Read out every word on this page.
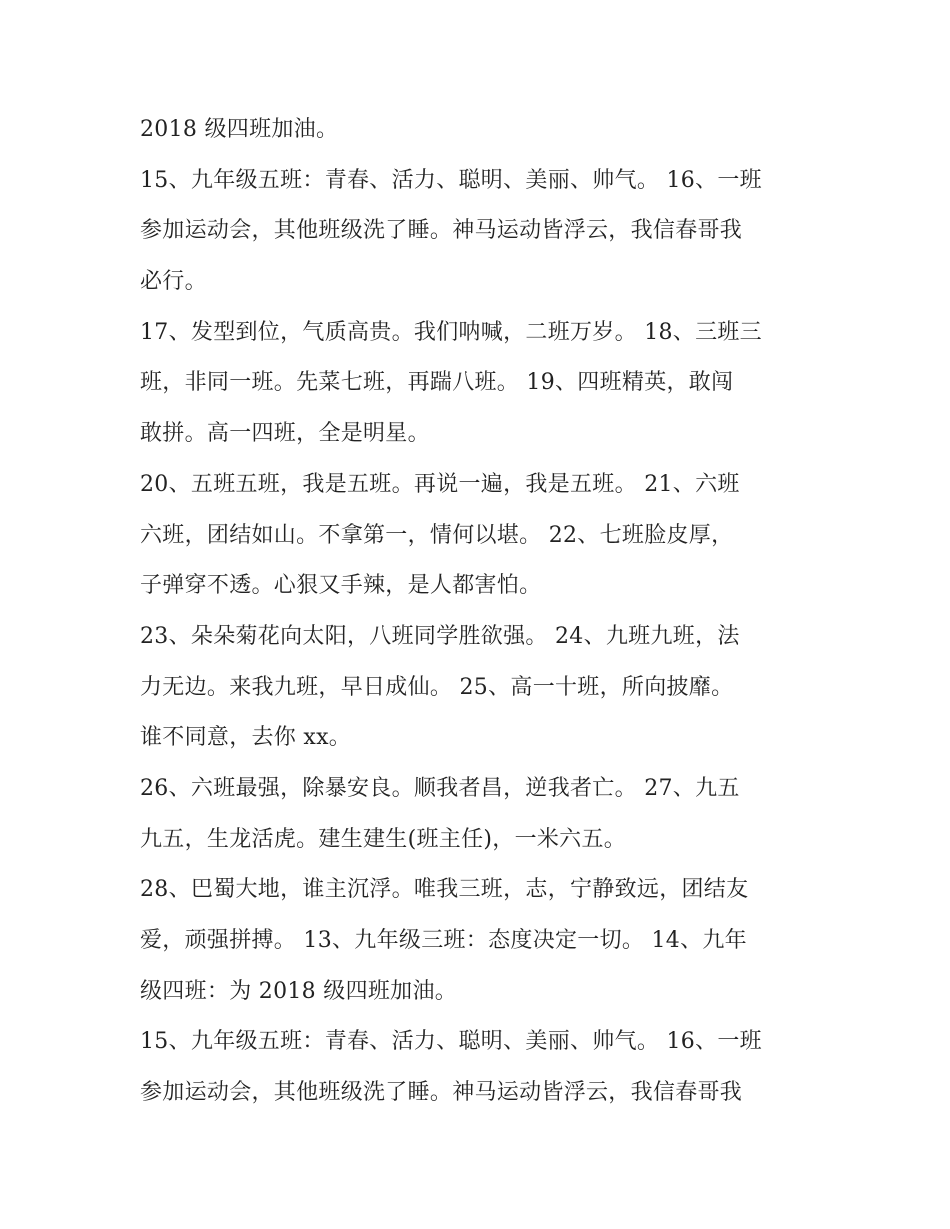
2018 级四班加油。
15、九年级五班：青春、活力、聪明、美丽、帅气。 16、一班
参加运动会，其他班级洗了睡。神马运动皆浮云，我信春哥我
必行。
17、发型到位，气质高贵。我们呐喊，二班万岁。 18、三班三
班，非同一班。先菜七班，再踹八班。 19、四班精英，敢闯
敢拼。高一四班，全是明星。
20、五班五班，我是五班。再说一遍，我是五班。 21、六班
六班，团结如山。不拿第一，情何以堪。 22、七班脸皮厚，
子弹穿不透。心狠又手辣，是人都害怕。
23、朵朵菊花向太阳，八班同学胜欲强。 24、九班九班，法
力无边。来我九班，早日成仙。 25、高一十班，所向披靡。
谁不同意，去你 xx。
26、六班最强，除暴安良。顺我者昌，逆我者亡。 27、九五
九五，生龙活虎。建生建生(班主任)，一米六五。
28、巴蜀大地，谁主沉浮。唯我三班，志，宁静致远，团结友
爱，顽强拼搏。 13、九年级三班：态度决定一切。 14、九年
级四班：为 2018 级四班加油。
15、九年级五班：青春、活力、聪明、美丽、帅气。 16、一班
参加运动会，其他班级洗了睡。神马运动皆浮云，我信春哥我
